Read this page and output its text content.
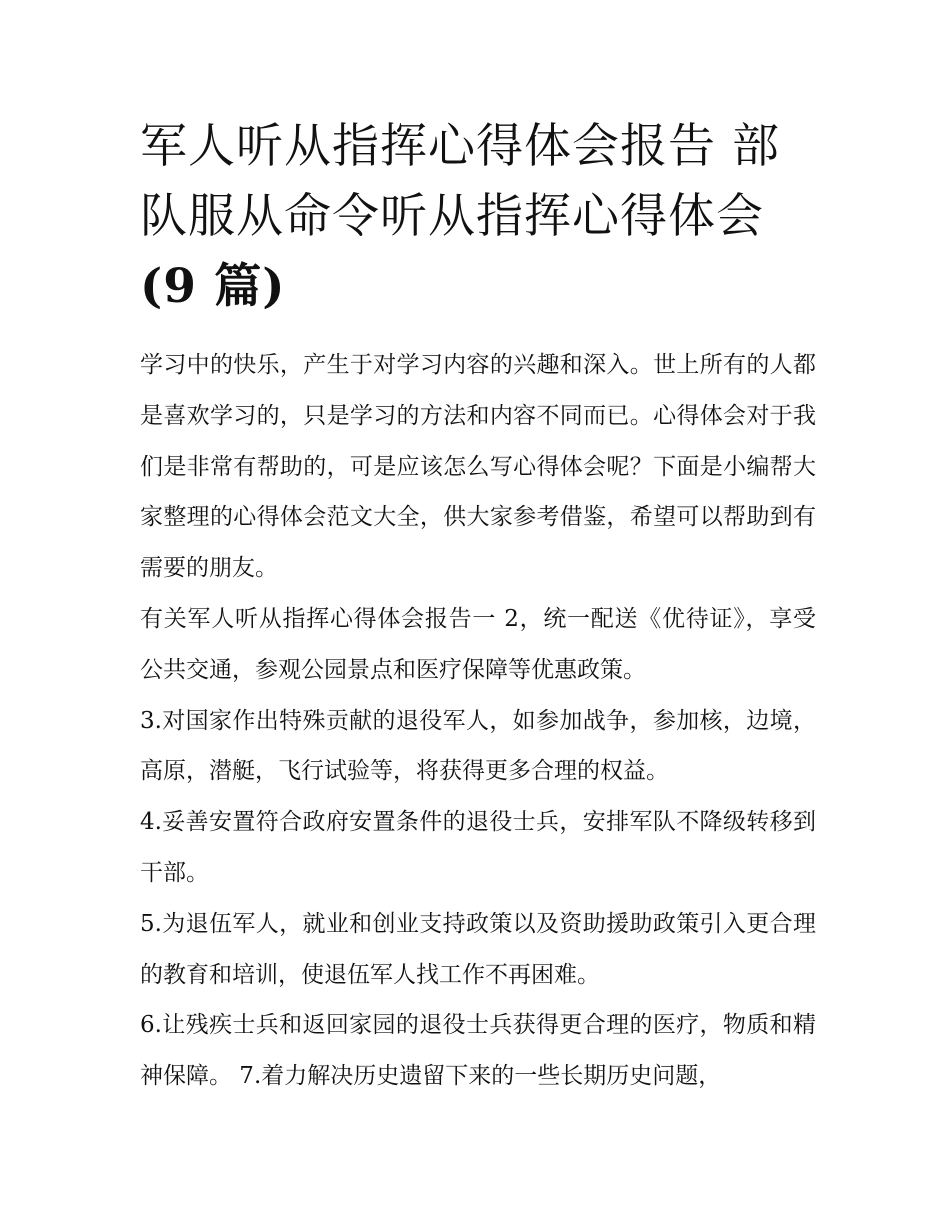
军人听从指挥心得体会报告 部队服从命令听从指挥心得体会
(9 篇)

学习中的快乐，产生于对学习内容的兴趣和深入。世上所有的人都是喜欢学习的，只是学习的方法和内容不同而已。心得体会对于我们是非常有帮助的，可是应该怎么写心得体会呢？下面是小编帮大家整理的心得体会范文大全，供大家参考借鉴，希望可以帮助到有需要的朋友。

有关军人听从指挥心得体会报告一 2，统一配送《优待证》，享受公共交通，参观公园景点和医疗保障等优惠政策。

3.对国家作出特殊贡献的退役军人，如参加战争，参加核，边境，高原，潜艇，飞行试验等，将获得更多合理的权益。

4.妥善安置符合政府安置条件的退役士兵，安排军队不降级转移到干部。

5.为退伍军人，就业和创业支持政策以及资助援助政策引入更合理的教育和培训，使退伍军人找工作不再困难。

6.让残疾士兵和返回家园的退役士兵获得更合理的医疗，物质和精神保障。 7.着力解决历史遗留下来的一些长期历史问题，
